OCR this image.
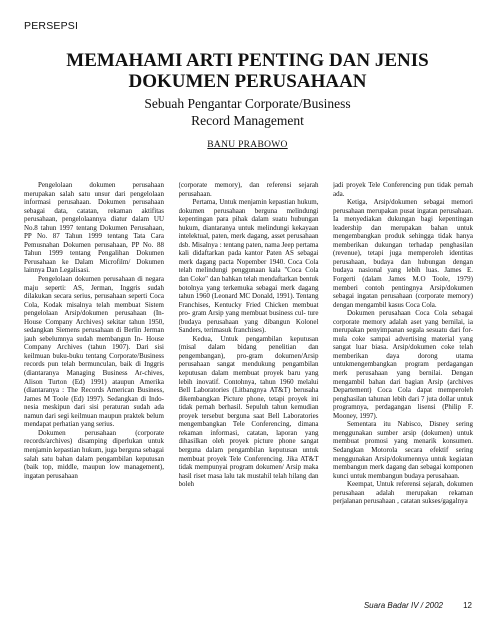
PERSEPSI
MEMAHAMI ARTI PENTING DAN JENIS
DOKUMEN PERUSAHAAN
Sebuah Pengantar Corporate/Business
Record Management
BANU PRABOWO

Pengelolaan dokumen perusahaan merupakan salah satu unsur dari pengelolaan informasi perusahaan. Dokumen perusahaan sebagai data, catatan, rekaman aktifitas perusahaan, pengelolaannya diatur dalam UU No.8 tahun 1997 tentang Dokumen Perusahaan, PP No. 87 Tahun 1999 tentang Tata Cara Pemusnahan Dokumen perusahaan, PP No. 88 Tahun 1999 tentang Pengalihan Dokumen Perusahaan ke Dalam Microfilm/ Dokumen lainnya Dan Legalisasi.

Pengelolaan dokumen perusahaan di negara maju seperti: AS, Jerman, Inggris sudah dilakukan secara serius, perusahaan seperti Coca Cola, Kodak misalnya telah membuat Sistem pengelolaan Arsip/dokumen perusahaan (In-House Company Archives) sekitar tahun 1950, sedangkan Siemens perusahaan di Berlin Jerman jauh sebelumnya sudah membangun In- House Company Archives (tahun 1907). Dari sisi keilmuan buku-buku tentang Corporate/Business records pun telah bermunculan, baik di Inggris (diantaranya Managing Business Ar-chives, Alison Turton (Ed) 1991) ataupun Amerika (diantaranya : The Records American Business, James M Toole (Ed) 1997). Sedangkan di Indo-nesia meskipun dari sisi peraturan sudah ada namun dari segi keilmuan maupun praktek belum mendapat perhatian yang serius.

Dokumen perusahaan (corporate records/archives) disamping diperlukan untuk menjamin kepastian hukum, juga berguna sebagai salah satu bahan dalam pengambilan keputusan (baik top, middle, maupun low management), ingatan perusahaan

(corporate memory), dan referensi sejarah perusahaan.

Pertama, Untuk menjamin kepastian hukum, dokumen perusahaan berguna melindungi kepentingan para pihak dalam suatu hubungan hukum, diantaranya untuk melindungi kekayaan intelektual, paten, merk dagang, asset perusahaan dsb. Misalnya : tentang paten, nama Jeep pertama kali didaftarkan pada kantor Paten AS sebagai merk dagang pacta Nopember 1940. Coca Cola telah melindungi penggunaan kala "Coca Cola dan Coke" dan bahkan telah mendaftarkan bentuk botolnya yang terkemuka sebagai merk dagang tahun 1960 (Leonard MC Donald, 1991). Tentang Franchises, Kentucky Fried Chicken membuat pro- gram Arsip yang membuat business cul- ture (budaya perusahaan yang dibangun Kolonel Sanders, terimasuk franchises).

Kedua, Untuk pengambilan keputusan (misal dalam bidang penelitian dan pengembangan), pro-gram dokumen/Arsip perusahaan sangat mendukung pengambilan keputusan dalam membuat proyek baru yang lebih inovatif. Contohnya, tahun 1960 melalui Bell Laboratories (Litbangnya AT&T) berusaha dikembangkan Picture phone, tetapi proyek ini tidak pernah berhasil. Sepuluh tahun kemudian proyek tersebut berguna saat Bell Laboratories mengembangkan Tele Conferencing, dimana rekaman informasi, catatan, laporan yang dihasilkan oleh proyek picture phone sangat berguna dalam pengambilan keputusan untuk membuat proyek Tele Conferencing. Jika AT&T tidak mempunyai program dokumen/ Arsip maka hasil riset masa lalu tak mustahil telah hilang dan boleh

jadi proyek Tele Conferencing pun tidak pernah ada.

Ketiga, Arsip/dokumen sebagai memori perusahaan merupakan pusat ingatan perusahaan. Ia menyediakan dukungan bagi kepentingan leadership dan merupakan bahan untuk mengembangkan produk sehingga tidak hanya memberikan dukungan terhadap penghasilan (revenue), tetapi juga memperoleh identitas perusahaan, budaya dan hubungan dengan budaya nasional yang lebih luas. James E. Forgerti (dalam James M.O Toole, 1979) memberi contoh pentingnya Arsip/dokumen sebagai ingatan perusahaan (corporate memory) dengan mengambil kasus Coca Cola.

Dokumen perusahaan Coca Cola sebagai corporate memory adalah aset yang bernilai, ia merupakan penyimpanan segala sesuatu dari for-mula coke sampai advertising material yang sangat luar biasa. Arsip/dokumen coke telah memberikan daya dorong utama untukmengembangkan program perdagangan merk perusahaan yang bernilai. Dengan mengambil bahan dari bagian Arsip (archives Departement) Coca Cola dapat memperoleh penghasilan tahunan lebih dari 7 juta dollar untuk programnya, perdagangan lisensi (Philip F. Mooney, 1997).

Sementara itu Nabisco, Disney sering menggunakan sumber arsip (dokumen) untuk membuat promosi yang menarik konsumen. Sedangkan Motorola secara efektif sering menggunakan Arsip/dokumennya untuk kegiatan membangun merk dagang dan sebagai komponen kunci untuk membangun budaya perusahaan.

Keempat, Untuk referensi sejarah, dokumen perusahaan adalah merupakan rekaman perjalanan perusahaan , catatan sukses/gagalnya

Suara Badar IV / 2002	12
